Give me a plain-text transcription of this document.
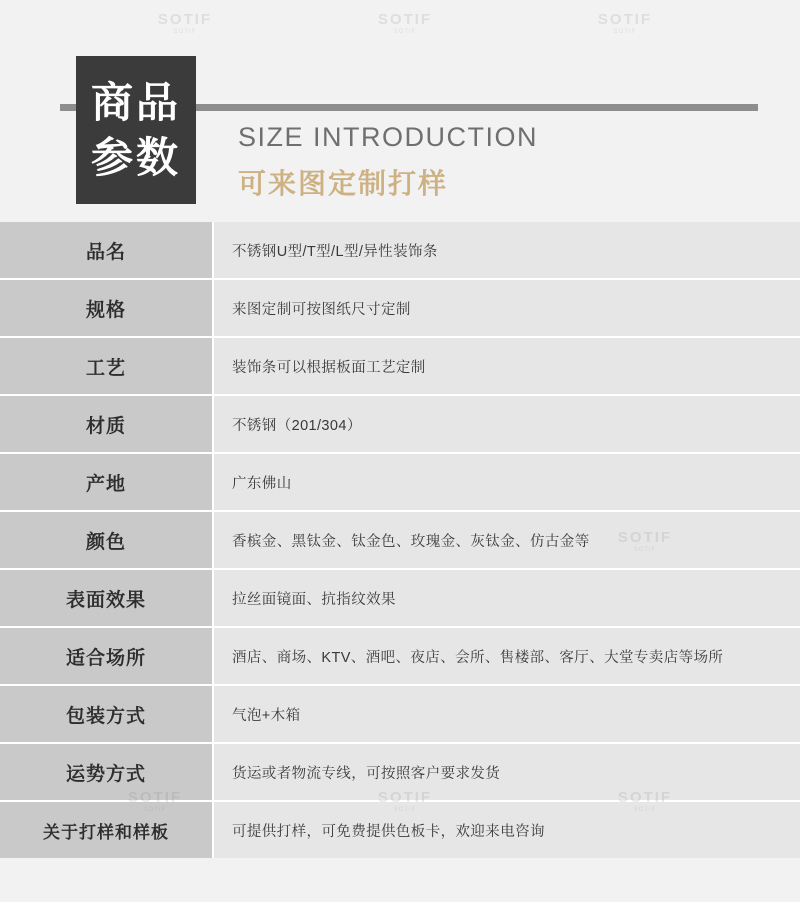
SOTIF
SOTIF
SOTIF
SOTIF
SOTIF
SOTIF
商品
参数 SIZE INTRODUCTION
可来图定制打样
品名	不锈钢U型/T型/L型/异性装饰条
规格	来图定制可按图纸尺寸定制
工艺	装饰条可以根据板面工艺定制
材质	不锈钢（201/304）
产地	广东佛山
颜色	香槟金、黑钛金、钛金色、玫瑰金、灰钛金、仿古金等
表面效果	拉丝面镜面、抗指纹效果
适合场所	酒店、商场、KTV、酒吧、夜店、会所、售楼部、客厅、大堂专卖店等场所
包装方式	气泡+木箱
运势方式	货运或者物流专线，可按照客户要求发货
关于打样和样板	可提供打样，可免费提供色板卡，欢迎来电咨询
